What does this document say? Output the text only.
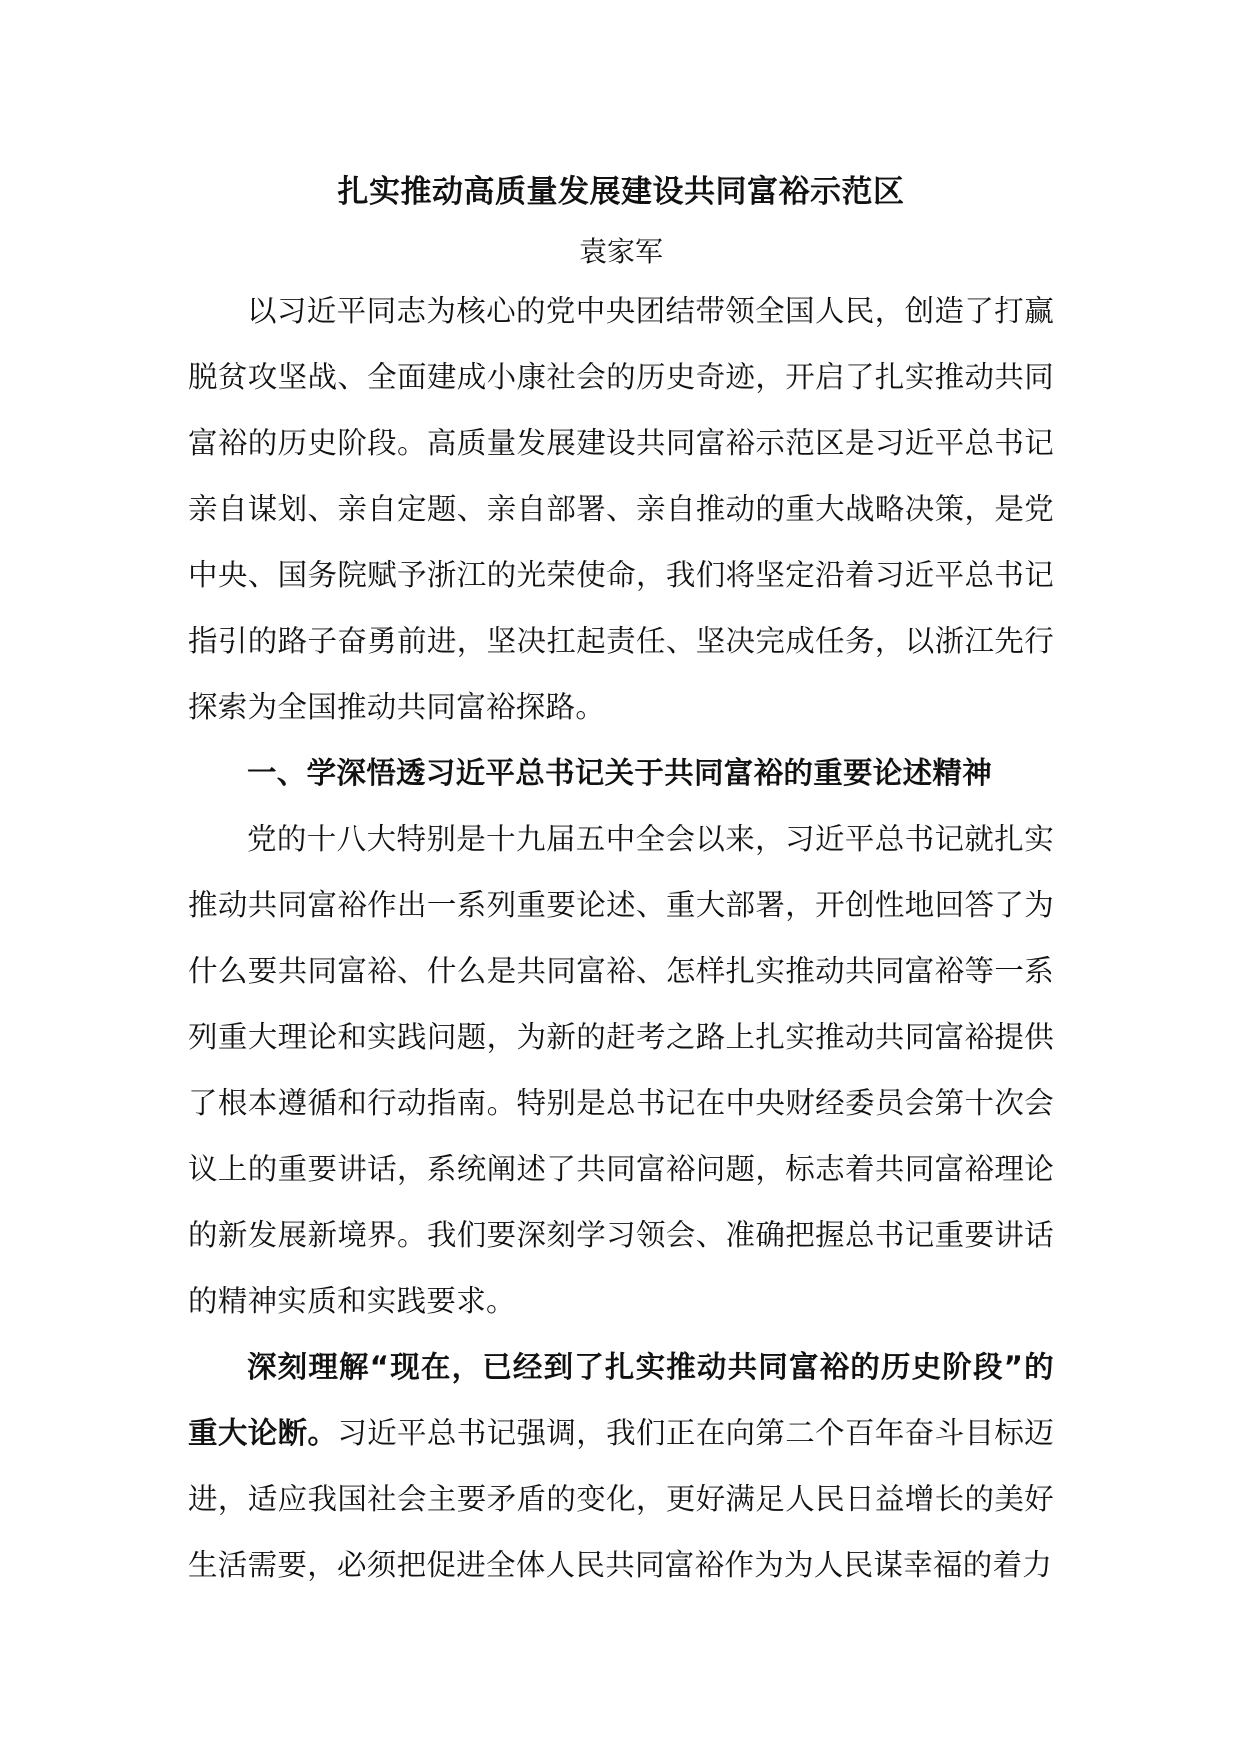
扎实推动高质量发展建设共同富裕示范区
袁家军

以习近平同志为核心的党中央团结带领全国人民，创造了打赢脱贫攻坚战、全面建成小康社会的历史奇迹，开启了扎实推动共同富裕的历史阶段。高质量发展建设共同富裕示范区是习近平总书记亲自谋划、亲自定题、亲自部署、亲自推动的重大战略决策，是党中央、国务院赋予浙江的光荣使命，我们将坚定沿着习近平总书记指引的路子奋勇前进，坚决扛起责任、坚决完成任务，以浙江先行探索为全国推动共同富裕探路。

一、学深悟透习近平总书记关于共同富裕的重要论述精神

党的十八大特别是十九届五中全会以来，习近平总书记就扎实推动共同富裕作出一系列重要论述、重大部署，开创性地回答了为什么要共同富裕、什么是共同富裕、怎样扎实推动共同富裕等一系列重大理论和实践问题，为新的赶考之路上扎实推动共同富裕提供了根本遵循和行动指南。特别是总书记在中央财经委员会第十次会议上的重要讲话，系统阐述了共同富裕问题，标志着共同富裕理论的新发展新境界。我们要深刻学习领会、准确把握总书记重要讲话的精神实质和实践要求。

深刻理解“现在，已经到了扎实推动共同富裕的历史阶段”的重大论断。习近平总书记强调，我们正在向第二个百年奋斗目标迈进，适应我国社会主要矛盾的变化，更好满足人民日益增长的美好生活需要，必须把促进全体人民共同富裕作为为人民谋幸福的着力
